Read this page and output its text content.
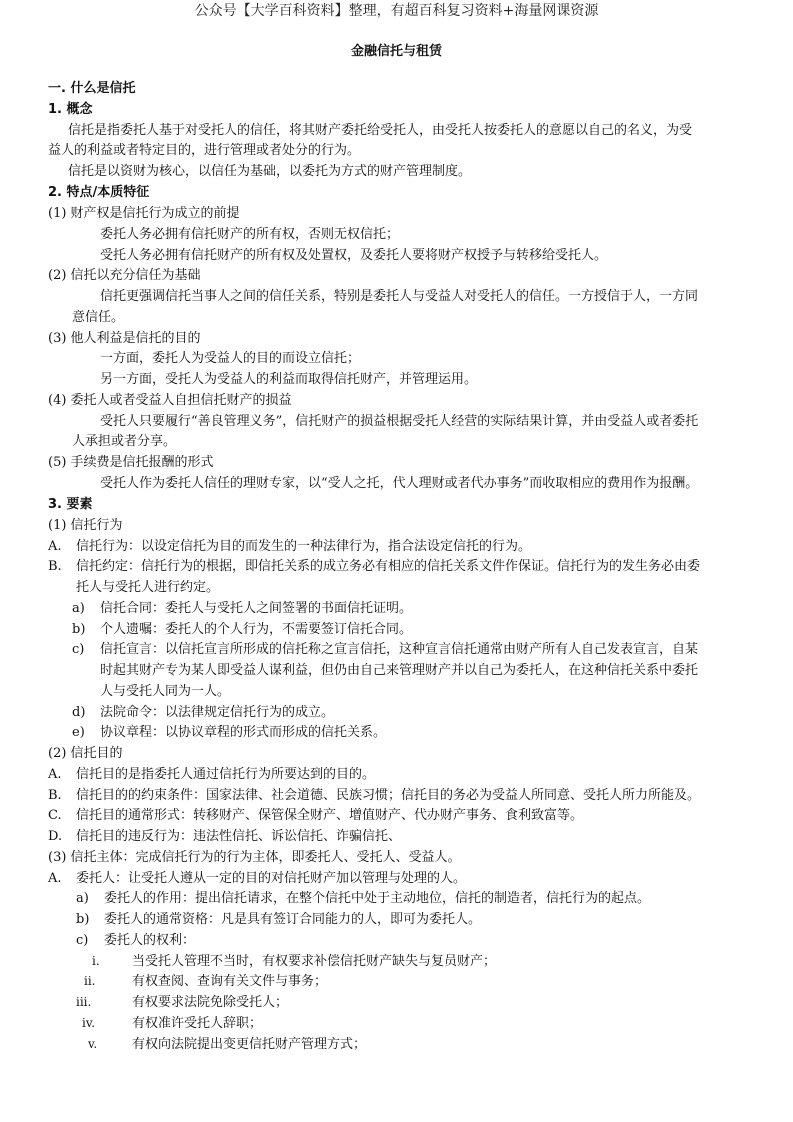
公众号【大学百科资料】整理，有超百科复习资料+海量网课资源
金融信托与租赁
一. 什么是信托
1. 概念
信托是指委托人基于对受托人的信任，将其财产委托给受托人，由受托人按委托人的意愿以自己的名义，为受
益人的利益或者特定目的，进行管理或者处分的行为。
信托是以资财为核心，以信任为基础，以委托为方式的财产管理制度。
2. 特点/本质特征
(1) 财产权是信托行为成立的前提
委托人务必拥有信托财产的所有权，否则无权信托；
受托人务必拥有信托财产的所有权及处置权，及委托人要将财产权授予与转移给受托人。
(2) 信托以充分信任为基础
信托更强调信托当事人之间的信任关系，特别是委托人与受益人对受托人的信任。一方授信于人，一方同
意信任。
(3) 他人利益是信托的目的
一方面，委托人为受益人的目的而设立信托；
另一方面，受托人为受益人的利益而取得信托财产，并管理运用。
(4) 委托人或者受益人自担信托财产的损益
受托人只要履行“善良管理义务”，信托财产的损益根据受托人经营的实际结果计算，并由受益人或者委托
人承担或者分享。
(5) 手续费是信托报酬的形式
受托人作为委托人信任的理财专家，以“受人之托，代人理财或者代办事务”而收取相应的费用作为报酬。
3. 要素
(1) 信托行为
A. 信托行为：以设定信托为目的而发生的一种法律行为，指合法设定信托的行为。
B. 信托约定：信托行为的根据，即信托关系的成立务必有相应的信托关系文件作保证。信托行为的发生务必由委
托人与受托人进行约定。
a) 信托合同：委托人与受托人之间签署的书面信托证明。
b) 个人遗嘱：委托人的个人行为，不需要签订信托合同。
c) 信托宣言：以信托宣言所形成的信托称之宣言信托，这种宣言信托通常由财产所有人自己发表宣言，自某
时起其财产专为某人即受益人谋利益，但仍由自己来管理财产并以自己为委托人，在这种信托关系中委托
人与受托人同为一人。
d) 法院命令：以法律规定信托行为的成立。
e) 协议章程：以协议章程的形式而形成的信托关系。
(2) 信托目的
A. 信托目的是指委托人通过信托行为所要达到的目的。
B. 信托目的的约束条件：国家法律、社会道德、民族习惯；信托目的务必为受益人所同意、受托人所力所能及。
C. 信托目的通常形式：转移财产、保管保全财产、增值财产、代办财产事务、食利致富等。
D. 信托目的违反行为：违法性信托、诉讼信托、诈骗信托、
(3) 信托主体：完成信托行为的行为主体，即委托人、受托人、受益人。
A. 委托人：让受托人遵从一定的目的对信托财产加以管理与处理的人。
a) 委托人的作用：提出信托请求，在整个信托中处于主动地位，信托的制造者，信托行为的起点。
b) 委托人的通常资格：凡是具有签订合同能力的人，即可为委托人。
c) 委托人的权利：
i. 当受托人管理不当时，有权要求补偿信托财产缺失与复员财产；
ii.	有权查阅、查询有关文件与事务；
iii.	有权要求法院免除受托人；
iv.	有权准许受托人辞职；
v.	有权向法院提出变更信托财产管理方式；
